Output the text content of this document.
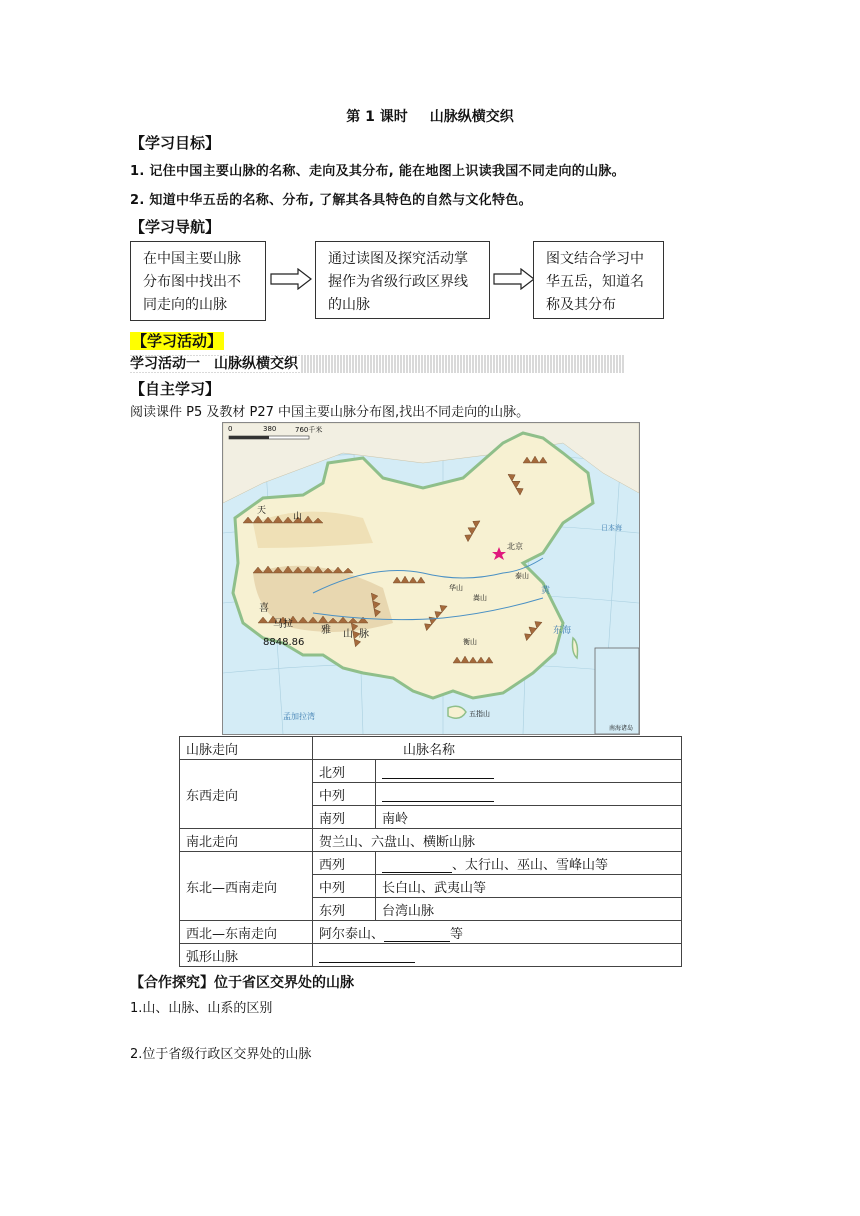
第 1 课时 山脉纵横交织
【学习目标】
1. 记住中国主要山脉的名称、走向及其分布, 能在地图上识读我国不同走向的山脉。
2. 知道中华五岳的名称、分布, 了解其各具特色的自然与文化特色。
【学习导航】
在中国主要山脉分布图中找出不同走向的山脉
通过读图及探究活动掌握作为省级行政区界线的山脉
图文结合学习中华五岳，知道名称及其分布
【学习活动】
学习活动一　山脉纵横交织
【自主学习】
阅读课件 P5 及教材 P27 中国主要山脉分布图,找出不同走向的山脉。
0	380	760千米
8848.86
北京
天
山
喜
马拉
雅 山 脉
泰山
嵩山
华山
衡山
五指山
南海诸岛
黄
东海
日本海
孟加拉湾
山脉走向	山脉名称	
东西走向	北列	
	中列	
	南列	南岭
南北走向	贺兰山、六盘山、横断山脉	
东北—西南走向	西列	、太行山、巫山、雪峰山等
	中列	长白山、武夷山等
	东列	台湾山脉
西北—东南走向	阿尔泰山、 等	
弧形山脉		
【合作探究】位于省区交界处的山脉
1.山、山脉、山系的区别
2.位于省级行政区交界处的山脉
